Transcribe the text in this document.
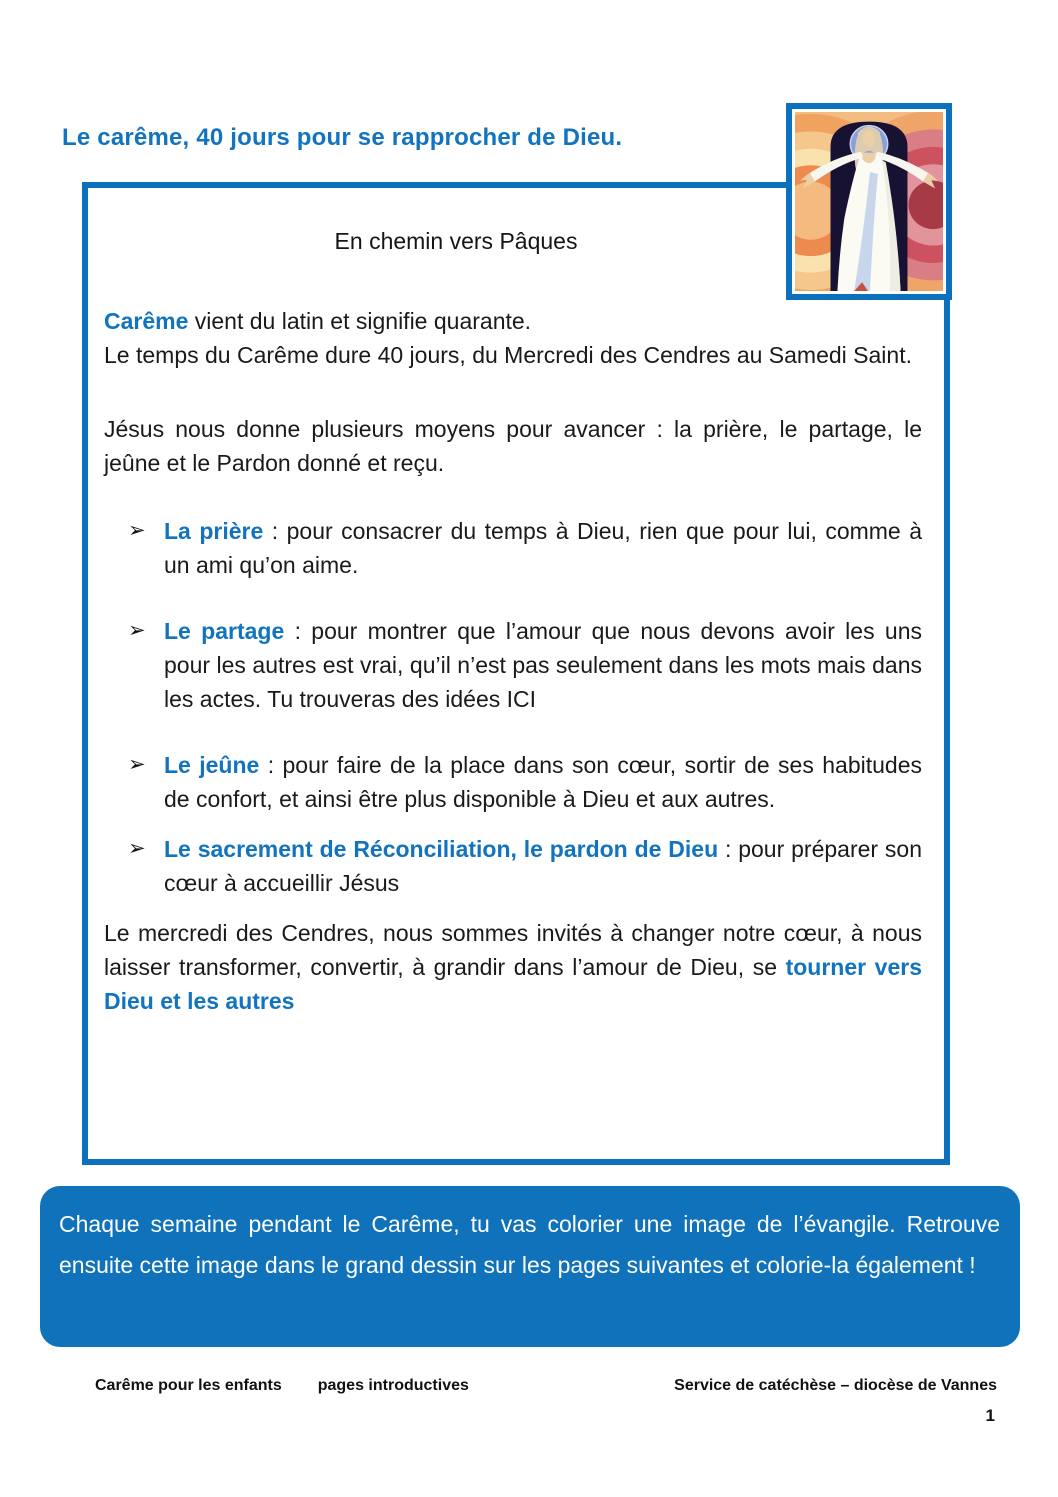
Le carême, 40 jours pour se rapprocher de Dieu.
En chemin vers Pâques
Carême vient du latin et signifie quarante.
Le temps du Carême dure 40 jours, du Mercredi des Cendres au Samedi Saint.
Jésus nous donne plusieurs moyens pour avancer : la prière, le partage, le jeûne et le Pardon donné et reçu.
➢ La prière : pour consacrer du temps à Dieu, rien que pour lui, comme à un ami qu’on aime.
➢ Le partage : pour montrer que l’amour que nous devons avoir les uns pour les autres est vrai, qu’il n’est pas seulement dans les mots mais dans les actes. Tu trouveras des idées ICI
➢ Le jeûne : pour faire de la place dans son cœur, sortir de ses habitudes de confort, et ainsi être plus disponible à Dieu et aux autres.
➢ Le sacrement de Réconciliation, le pardon de Dieu : pour préparer son cœur à accueillir Jésus
Le mercredi des Cendres, nous sommes invités à changer notre cœur, à nous laisser transformer, convertir, à grandir dans l’amour de Dieu, se tourner vers Dieu et les autres
Chaque semaine pendant le Carême, tu vas colorier une image de l’évangile. Retrouve ensuite cette image dans le grand dessin sur les pages suivantes et colorie-la également !
Carême pour les enfants pages introductives	Service de catéchèse – diocèse de Vannes
1
